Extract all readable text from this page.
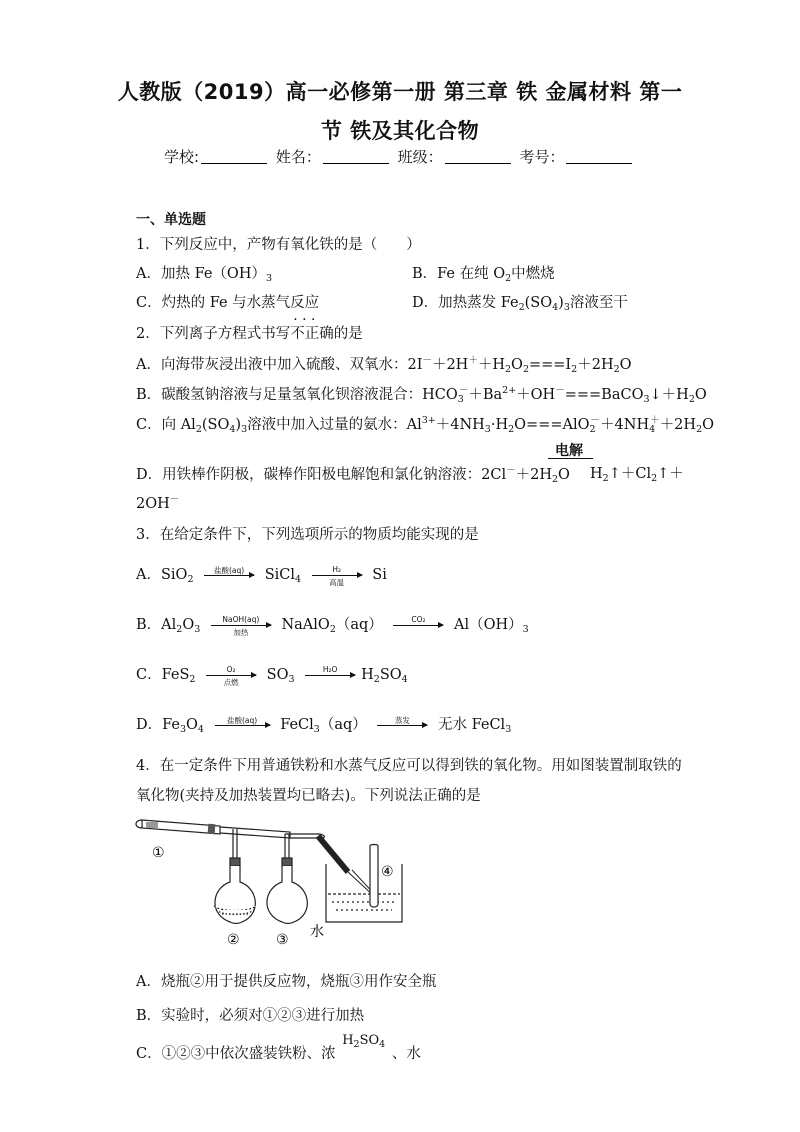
人教版（2019）高一必修第一册 第三章 铁 金属材料 第一
节 铁及其化合物
学校:	姓名：	班级：	考号：
一、单选题
1．下列反应中，产物有氧化铁的是（　　）
A．加热 $Fe(OH)_3$	B．Fe 在纯 $O_2$中燃烧
C．灼热的 Fe 与水蒸气反应	D．加热蒸发 $Fe_2(SO_4)_3$溶液至干
2．下列离子方程式书写· · · 不正确的是
A．向海带灰浸出液中加入硫酸、双氧水：$2I^-+2H^++H_2O_2===I_2+2H_2O$
B．碳酸氢钠溶液与足量氢氧化钡溶液混合：$HCO_3^-+Ba^{2+}+OH^-===BaCO_3↓+H_2O$
C．向 $Al_2(SO_4)_3$溶液中加入过量的氨水：$Al^{3+}+4NH_3\cdot H_2O===AlO_2^-+4NH_4^++2H_2O$
电解
D．用铁棒作阴极，碳棒作阳极电解饱和氯化钠溶液：$2Cl^-+2H_2O$ $H_2↑+Cl_2↑+$
2OH－
3．在给定条件下，下列选项所示的物质均能实现的是
A．SiO$_2$
盐酸(aq)	SiCl$_4$
H₂
高温	Si
B．$Al_2O_3$
NaOH(aq)
加热	NaAlO$_2$（aq）	CO₂	$Al(OH)_3$
C．FeS$_2$
O₂
点燃	$SO_3$
H₂O	$H_2SO_4$
D．$Fe_3O_4$
盐酸(aq)	FeCl$_3$（aq）	蒸发	无水 FeCl$_3$
4．在一定条件下用普通铁粉和水蒸气反应可以得到铁的氧化物。用如图装置制取铁的
氧化物(夹持及加热装置均已略去)。下列说法正确的是
①
②	③
④
水
A．烧瓶②用于提供反应物，烧瓶③用作安全瓶
B．实验时，必须对①②③进行加热
C．①②③中依次盛装铁粉、浓 $H_2SO_4$ 、水
